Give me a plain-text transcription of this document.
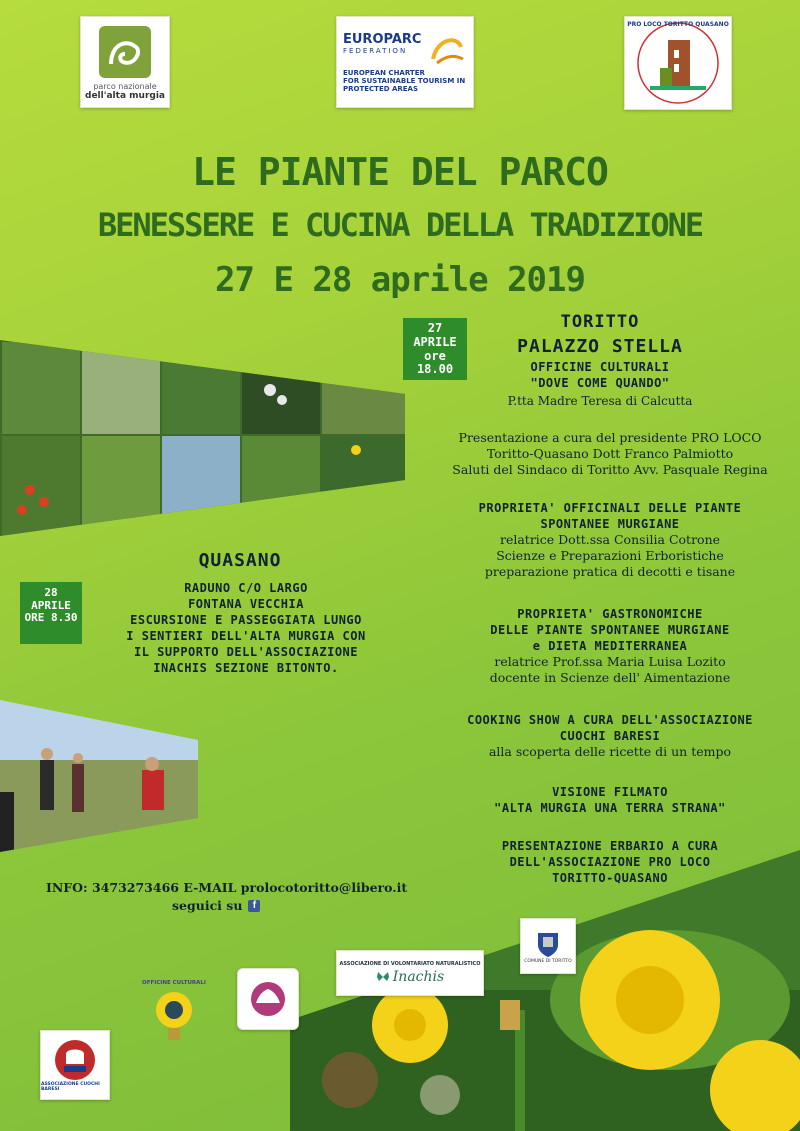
parco nazionale
dell'alta murgia
EUROPARC
FEDERATION
EUROPEAN CHARTER
FOR SUSTAINABLE TOURISM IN
PROTECTED AREAS
PRO LOCO TORITTO QUASANO
LE PIANTE DEL PARCO
BENESSERE E CUCINA DELLA TRADIZIONE
27 E 28 aprile 2019
27
APRILE
ore 18.00
TORITTO
PALAZZO STELLA
OFFICINE CULTURALI
"DOVE COME QUANDO"
P.tta Madre Teresa di Calcutta

Presentazione a cura del presidente PRO LOCO

Toritto-Quasano Dott Franco Palmiotto

Saluti del Sindaco di Toritto Avv. Pasquale Regina

PROPRIETA' OFFICINALI DELLE PIANTE

SPONTANEE MURGIANE

relatrice Dott.ssa Consilia Cotrone

Scienze e Preparazioni Erboristiche

preparazione pratica di decotti e tisane

PROPRIETA' GASTRONOMICHE

DELLE PIANTE SPONTANEE MURGIANE

e DIETA MEDITERRANEA

relatrice Prof.ssa Maria Luisa Lozito

docente in Scienze dell' Aimentazione

COOKING SHOW A CURA DELL'ASSOCIAZIONE

CUOCHI BARESI

alla scoperta delle ricette di un tempo

VISIONE FILMATO

"ALTA MURGIA UNA TERRA STRANA"

PRESENTAZIONE ERBARIO A CURA

DELL'ASSOCIAZIONE PRO LOCO

TORITTO-QUASANO

QUASANO
28
APRILE
ORE 8.30

RADUNO C/O LARGO

FONTANA VECCHIA

ESCURSIONE E PASSEGGIATA LUNGO

I SENTIERI DELL'ALTA MURGIA CON

IL SUPPORTO DELL'ASSOCIAZIONE

INACHIS SEZIONE BITONTO.

INFO: 3473273466 E-MAIL prolocotoritto@libero.it
seguici su	f
ASSOCIAZIONE DI VOLONTARIATO NATURALISTICO
Inachis
COMUNE DI TORITTO
OFFICINE CULTURALI
ASSOCIAZIONE CUOCHI BARESI
